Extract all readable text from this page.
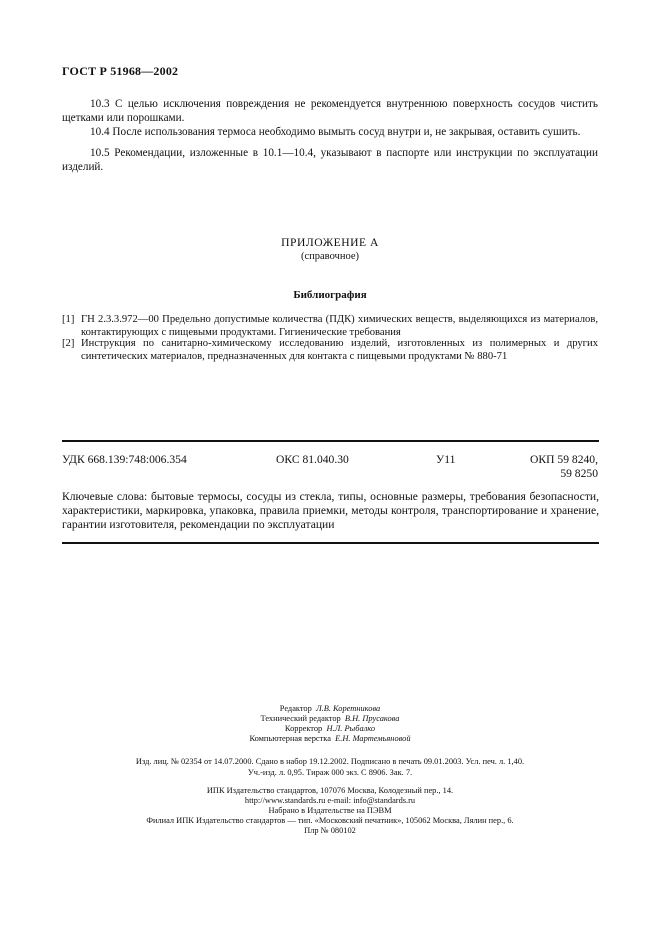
ГОСТ Р 51968—2002
10.3 С целью исключения повреждения не рекомендуется внутреннюю поверхность сосудов чистить щетками или порошками.
10.4 После использования термоса необходимо вымыть сосуд внутри и, не закрывая, оставить сушить.
10.5 Рекомендации, изложенные в 10.1—10.4, указывают в паспорте или инструкции по эксплуатации изделий.
ПРИЛОЖЕНИЕ А
(справочное)
Библиография
[1] ГН 2.3.3.972—00 Предельно допустимые количества (ПДК) химических веществ, выделяющихся из материалов, контактирующих с пищевыми продуктами. Гигиенические требования
[2] Инструкция по санитарно-химическому исследованию изделий, изготовленных из полимерных и других синтетических материалов, предназначенных для контакта с пищевыми продуктами № 880-71
УДК 668.139:748:006.354	ОКС 81.040.30	У11	ОКП 59 8240,
59 8250
Ключевые слова: бытовые термосы, сосуды из стекла, типы, основные размеры, требования безопасности, характеристики, маркировка, упаковка, правила приемки, методы контроля, транспортирование и хранение, гарантии изготовителя, рекомендации по эксплуатации
Редактор Л.В. Коретникова
Технический редактор В.Н. Прусакова
Корректор Н.Л. Рыбалко
Компьютерная верстка Е.Н. Мартемьяновой
Изд. лиц. № 02354 от 14.07.2000. Сдано в набор 19.12.2002. Подписано в печать 09.01.2003. Усл. печ. л. 1,40.
Уч.-изд. л. 0,95. Тираж 000 экз. С 8906. Зак. 7.
ИПК Издательство стандартов, 107076 Москва, Колодезный пер., 14.
http://www.standards.ru e-mail: info@standards.ru
Набрано в Издательстве на ПЭВМ
Филиал ИПК Издательство стандартов — тип. «Московский печатник», 105062 Москва, Лялин пер., 6.
Плр № 080102
